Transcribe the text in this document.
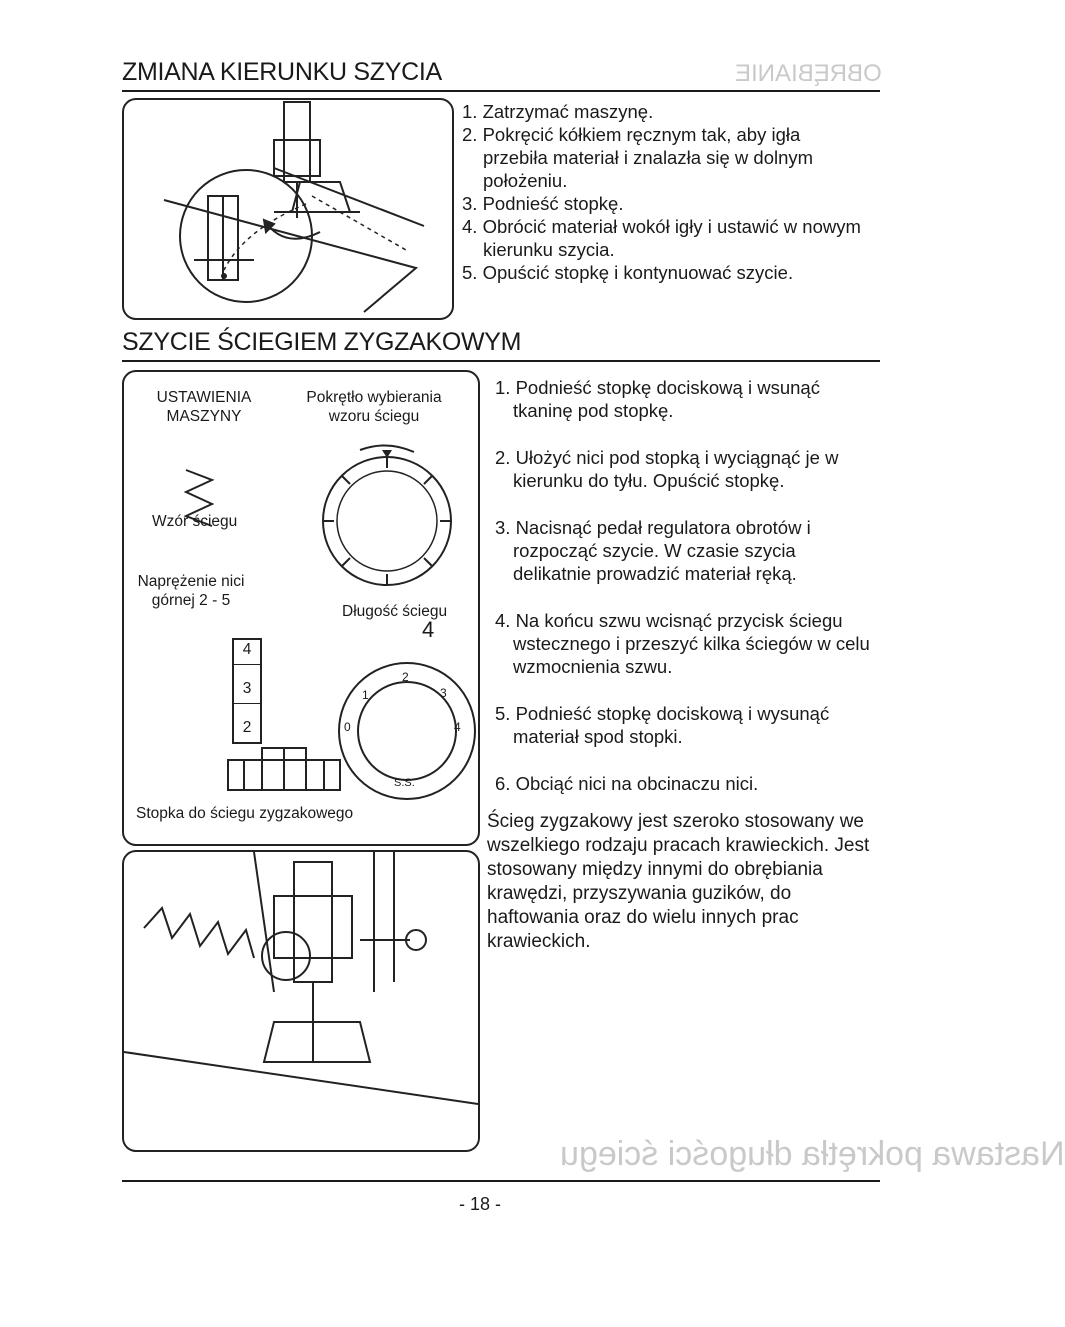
OBRĘBIANIE
Nastawa pokrętła długości ściegu
ZMIANA KIERUNKU SZYCIA
1. Zatrzymać maszynę.
2. Pokręcić kółkiem ręcznym tak, aby igła przebiła materiał i znalazła się w dolnym położeniu.
3. Podnieść stopkę.
4. Obrócić materiał wokół igły i ustawić w nowym kierunku szycia.
5. Opuścić stopkę i kontynuować szycie.
SZYCIE ŚCIEGIEM ZYGZAKOWYM
USTAWIENIA MASZYNY
Pokrętło wybierania wzoru ściegu
Wzór ściegu
Naprężenie nici górnej 2 - 5
Długość ściegu
4
4
3
2	0
1
2
3
4
S.S.
Stopka do ściegu zygzakowego
1. Podnieść stopkę dociskową i wsunąć tkaninę pod stopkę.
2. Ułożyć nici pod stopką i wyciągnąć je w kierunku do tyłu. Opuścić stopkę.
3. Nacisnąć pedał regulatora obrotów i rozpocząć szycie. W czasie szycia delikatnie prowadzić materiał ręką.
4. Na końcu szwu wcisnąć przycisk ściegu wstecznego i przeszyć kilka ściegów w celu wzmocnienia szwu.
5. Podnieść stopkę dociskową i wysunąć materiał spod stopki.
6. Obciąć nici na obcinaczu nici.
Ścieg zygzakowy jest szeroko stosowany we wszelkiego rodzaju pracach krawieckich. Jest stosowany między innymi do obrębiania krawędzi, przyszywania guzików, do haftowania oraz do wielu innych prac krawieckich.
- 18 -
